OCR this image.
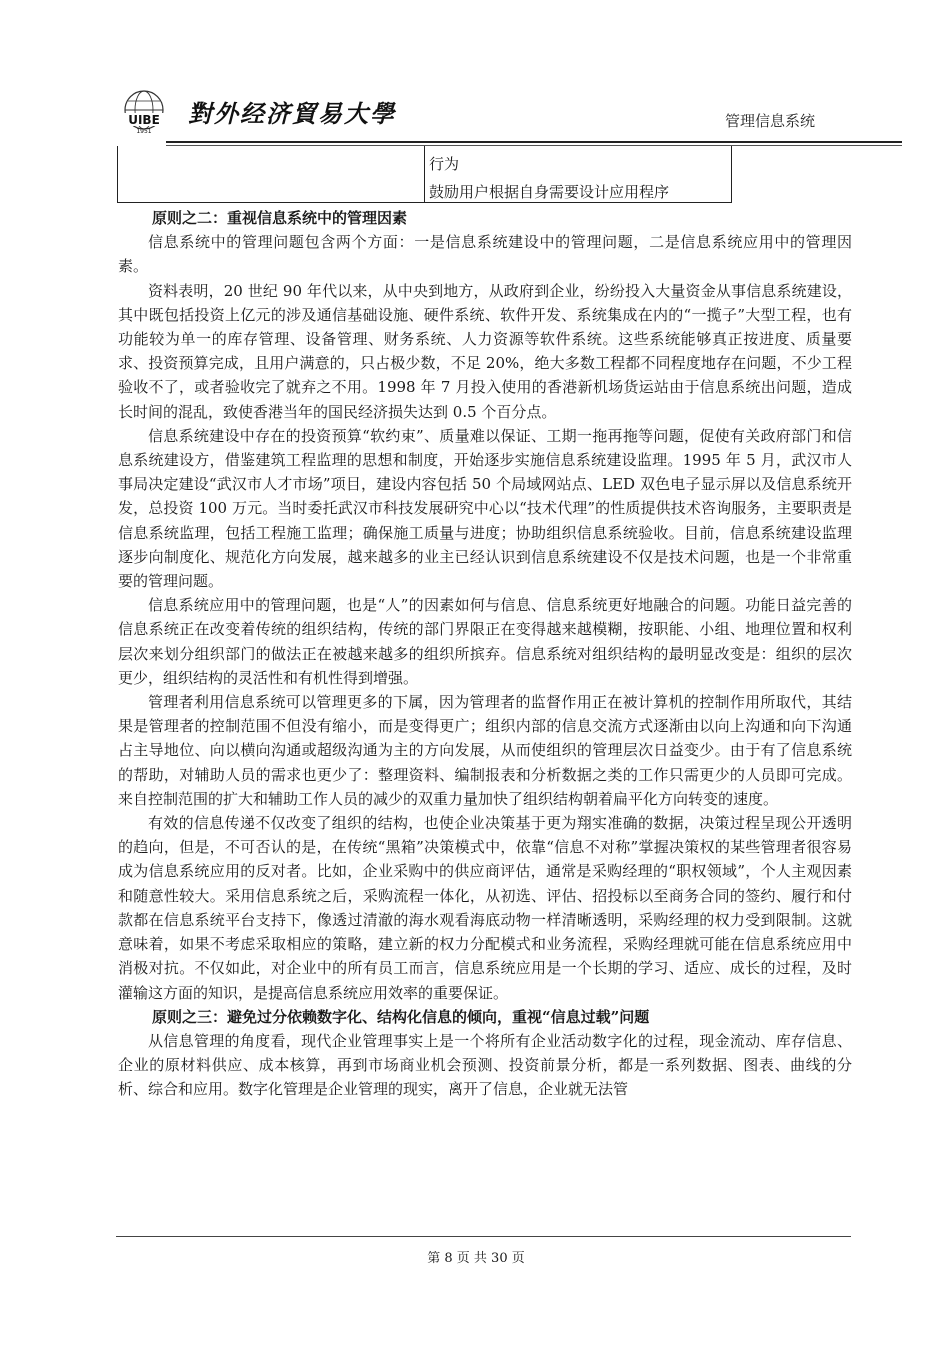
UIBE
1951
對外经济貿易大學	管理信息系统
行为
鼓励用户根据自身需要设计应用程序
原则之二：重视信息系统中的管理因素

信息系统中的管理问题包含两个方面：一是信息系统建设中的管理问题，二是信息系统应用中的管理因素。

资料表明，20 世纪 90 年代以来，从中央到地方，从政府到企业，纷纷投入大量资金从事信息系统建设，其中既包括投资上亿元的涉及通信基础设施、硬件系统、软件开发、系统集成在内的“一揽子”大型工程，也有功能较为单一的库存管理、设备管理、财务系统、人力资源等软件系统。这些系统能够真正按进度、质量要求、投资预算完成，且用户满意的，只占极少数，不足 20%，绝大多数工程都不同程度地存在问题，不少工程验收不了，或者验收完了就弃之不用。1998 年 7 月投入使用的香港新机场货运站由于信息系统出问题，造成长时间的混乱，致使香港当年的国民经济损失达到 0.5 个百分点。

信息系统建设中存在的投资预算“软约束”、质量难以保证、工期一拖再拖等问题，促使有关政府部门和信息系统建设方，借鉴建筑工程监理的思想和制度，开始逐步实施信息系统建设监理。1995 年 5 月，武汉市人事局决定建设“武汉市人才市场”项目，建设内容包括 50 个局域网站点、LED 双色电子显示屏以及信息系统开发，总投资 100 万元。当时委托武汉市科技发展研究中心以“技术代理”的性质提供技术咨询服务，主要职责是信息系统监理，包括工程施工监理；确保施工质量与进度；协助组织信息系统验收。目前，信息系统建设监理逐步向制度化、规范化方向发展，越来越多的业主已经认识到信息系统建设不仅是技术问题，也是一个非常重要的管理问题。

信息系统应用中的管理问题，也是“人”的因素如何与信息、信息系统更好地融合的问题。功能日益完善的信息系统正在改变着传统的组织结构，传统的部门界限正在变得越来越模糊，按职能、小组、地理位置和权利层次来划分组织部门的做法正在被越来越多的组织所摈弃。信息系统对组织结构的最明显改变是：组织的层次更少，组织结构的灵活性和有机性得到增强。

管理者利用信息系统可以管理更多的下属，因为管理者的监督作用正在被计算机的控制作用所取代，其结果是管理者的控制范围不但没有缩小，而是变得更广；组织内部的信息交流方式逐渐由以向上沟通和向下沟通占主导地位、向以横向沟通或超级沟通为主的方向发展，从而使组织的管理层次日益变少。由于有了信息系统的帮助，对辅助人员的需求也更少了：整理资料、编制报表和分析数据之类的工作只需更少的人员即可完成。来自控制范围的扩大和辅助工作人员的减少的双重力量加快了组织结构朝着扁平化方向转变的速度。

有效的信息传递不仅改变了组织的结构，也使企业决策基于更为翔实准确的数据，决策过程呈现公开透明的趋向，但是，不可否认的是，在传统“黑箱”决策模式中，依靠“信息不对称”掌握决策权的某些管理者很容易成为信息系统应用的反对者。比如，企业采购中的供应商评估，通常是采购经理的“职权领域”，个人主观因素和随意性较大。采用信息系统之后，采购流程一体化，从初选、评估、招投标以至商务合同的签约、履行和付款都在信息系统平台支持下，像透过清澈的海水观看海底动物一样清晰透明，采购经理的权力受到限制。这就意味着，如果不考虑采取相应的策略，建立新的权力分配模式和业务流程，采购经理就可能在信息系统应用中消极对抗。不仅如此，对企业中的所有员工而言，信息系统应用是一个长期的学习、适应、成长的过程，及时灌输这方面的知识，是提高信息系统应用效率的重要保证。

原则之三：避免过分依赖数字化、结构化信息的倾向，重视“信息过载”问题

从信息管理的角度看，现代企业管理事实上是一个将所有企业活动数字化的过程，现金流动、库存信息、企业的原材料供应、成本核算，再到市场商业机会预测、投资前景分析，都是一系列数据、图表、曲线的分析、综合和应用。数字化管理是企业管理的现实，离开了信息，企业就无法管

第 8 页 共 30 页
